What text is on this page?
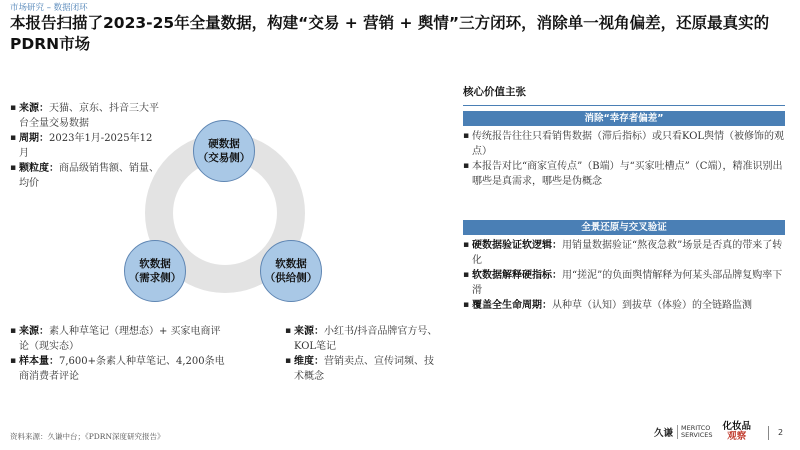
市场研究 – 数据闭环
本报告扫描了2023-25年全量数据，构建“交易 + 营销 + 舆情”三方闭环，消除单一视角偏差，还原最真实的PDRN市场
▪ 来源：天猫、京东、抖音三大平台全量交易数据
▪ 周期：2023年1月-2025年12月
▪ 颗粒度：商品级销售额、销量、均价
硬数据
（交易侧）
软数据
（需求侧）
软数据
（供给侧）
▪ 来源：素人种草笔记（理想态）+ 买家电商评论（现实态）
▪ 样本量：7,600+条素人种草笔记、4,200条电商消费者评论
▪ 来源：小红书/抖音品牌官方号、KOL笔记
▪ 维度：营销卖点、宣传词频、技术概念
核心价值主张
消除“幸存者偏差”
▪ 传统报告往往只看销售数据（滞后指标）或只看KOL舆情（被修饰的观点）
▪ 本报告对比“商家宣传点”（B端）与“买家吐槽点”（C端），精准识别出哪些是真需求，哪些是伪概念
全景还原与交叉验证
▪ 硬数据验证软逻辑：用销量数据验证“熬夜急救”场景是否真的带来了转化
▪ 软数据解释硬指标：用“搓泥”的负面舆情解释为何某头部品牌复购率下滑
▪ 覆盖全生命周期：从种草（认知）到拔草（体验）的全链路监测
资料来源：久谦中台；《PDRN深度研究报告》	久谦 MERITCO
SERVICES
化妆品
观察	2
